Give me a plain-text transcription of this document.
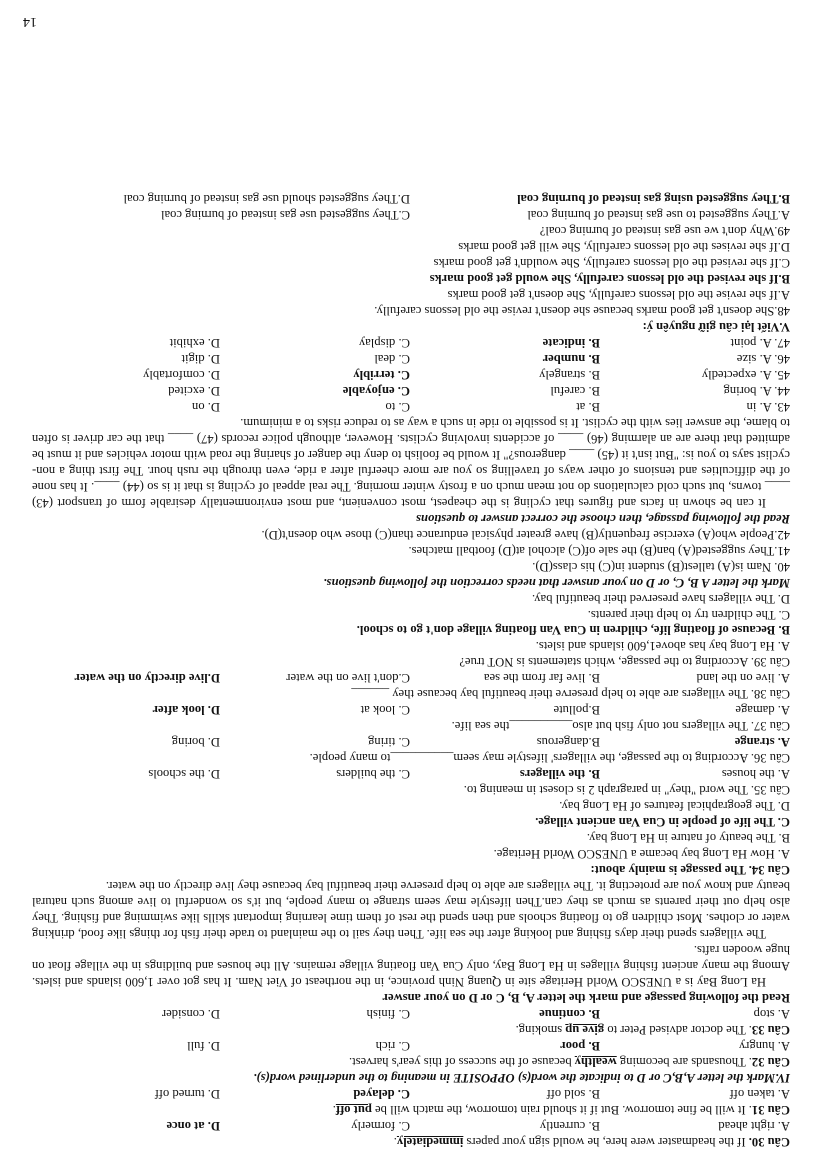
14
Câu 30. If the headmaster were here, he would sign your papers immediately.
A. right ahead
B. currently
C. formerly
D. at once
Câu 31. It will be fine tomorrow. But if it should rain tomorrow, the match will be put off.
A. taken off
B. sold off
C. delayed
D. turned off
IV.Mark the letter A,B,C or D to indicate the word(s) OPPOSITE in meaning to the underlined word(s).
Câu 32. Thousands are becoming wealthy because of the success of this year's harvest.
A. hungry
B. poor
C. rich
D. full
Câu 33. The doctor advised Peter to give up smoking.
A. stop
B. continue
C. finish
D. consider
Read the following passage and mark the letter A, B, C or D on your answer

Ha Long Bay is a UNESCO World Heritage site in Quang Ninh province, in the northeast of Viet Nam. It has got over 1,600 islands and islets. Among the many ancient fishing villages in Ha Long Bay, only Cua Van floating village remains. All the houses and buildings in the village float on huge wooden rafts.

The villagers spend their days fishing and looking after the sea life. Then they sail to the mainland to trade their fish for things like food, drinking water or clothes. Most children go to floating schools and then spend the rest of them time learning important skills like swimming and fishing. They also help out their parents as much as they can.Then lifestyle may seem strange to many people, but it's so wonderful to live among such natural beauty and know you are protecting it. The villagers are able to help preserve their beautiful bay because they live directly on the water.

Câu 34. The passage is mainly about:
A. How Ha Long bay became a UNESCO World Heritage.
B. The beauty of nature in Ha Long bay.
C. The life of people in Cua Van ancient village.
D. The geographical features of Ha Long bay.
Câu 35. The word "they" in paragraph 2 is closest in meaning to.
A. the houses
B. the villagers
C. the builders
D. the schools
Câu 36. According to the passage, the villagers' lifestyle may seem__________to many people.
A. strange
B.dangerous
C. tiring
D. boring
Câu 37. The villagers not only fish but also__________the sea life.
A. damage
B.pollute
C. look at
D. look after
Câu 38. The villagers are able to help preserve their beautiful bay because they ______
A. live on the land
B. live far from the sea
C.don't live on the water
D.live directly on the water
Câu 39. According to the passage, which statements is NOT true?
A. Ha Long bay has above1,600 islands and islets.
B. Because of floating life, children in Cua Van floating village don't go to school.
C. The children try to help their parents.
D. The villagers have preserved their beautiful bay.
Mark the letter A B, C, or D on your answer that needs correction the following questions.
40. Nam is(A) tallest(B) student in(C) his class(D).
41.They suggested(A) ban(B) the sale of(C) alcohol at(D) football matches.
42.People who(A) exercise frequently(B) have greater physical endurance than(C) those who doesn't(D).
Read the following passage, then choose the correct answer to questions

It can be shown in facts and figures that cycling is the cheapest, most convenient, and most environmentally desirable form of transport (43) ____ towns, but such cold calculations do not mean much on a frosty winter morning. The real appeal of cycling is that it is so (44) ____. It has none of the difficulties and tensions of other ways of travelling so you are more cheerful after a ride, even through the rush hour. The first thing a non-cyclist says to you is: "But isn't it (45) ____ dangerous?" It would be foolish to deny the danger of sharing the road with motor vehicles and it must be admitted that there are an alarming (46) ____ of accidents involving cyclists. However, although police records (47) ____ that the car driver is often to blame, the answer lies with the cyclist. It is possible to ride in such a way as to reduce risks to a minimum.

43. A. in
B. at
C. to
D. on
44. A. boring
B. careful
C. enjoyable
D. excited
45. A. expectedly
B. strangely
C. terribly
D. comfortably
46. A. size
B. number
C. deal
D. digit
47. A. point
B. indicate
C. display
D. exhibit
V.Viết lại câu giữ nguyên ý:
48.She doesn't get good marks because she doesn't revise the old lessons carefully.
A.If she revise the old lessons carefully, She doesn't get good marks
B.If she revised the old lessons carefully, She would get good marks
C.If she revised the old lessons carefully, She wouldn't get good marks
D.If she revises the old lessons carefully, She will get good marks
49.Why don't we use gas instead of burning coal?
A.They suggested to use gas instead of burning coal
C.They suggested use gas instead of burning coal
B.They suggested using gas instead of burning coal
D.They suggested should use gas instead of burning coal
